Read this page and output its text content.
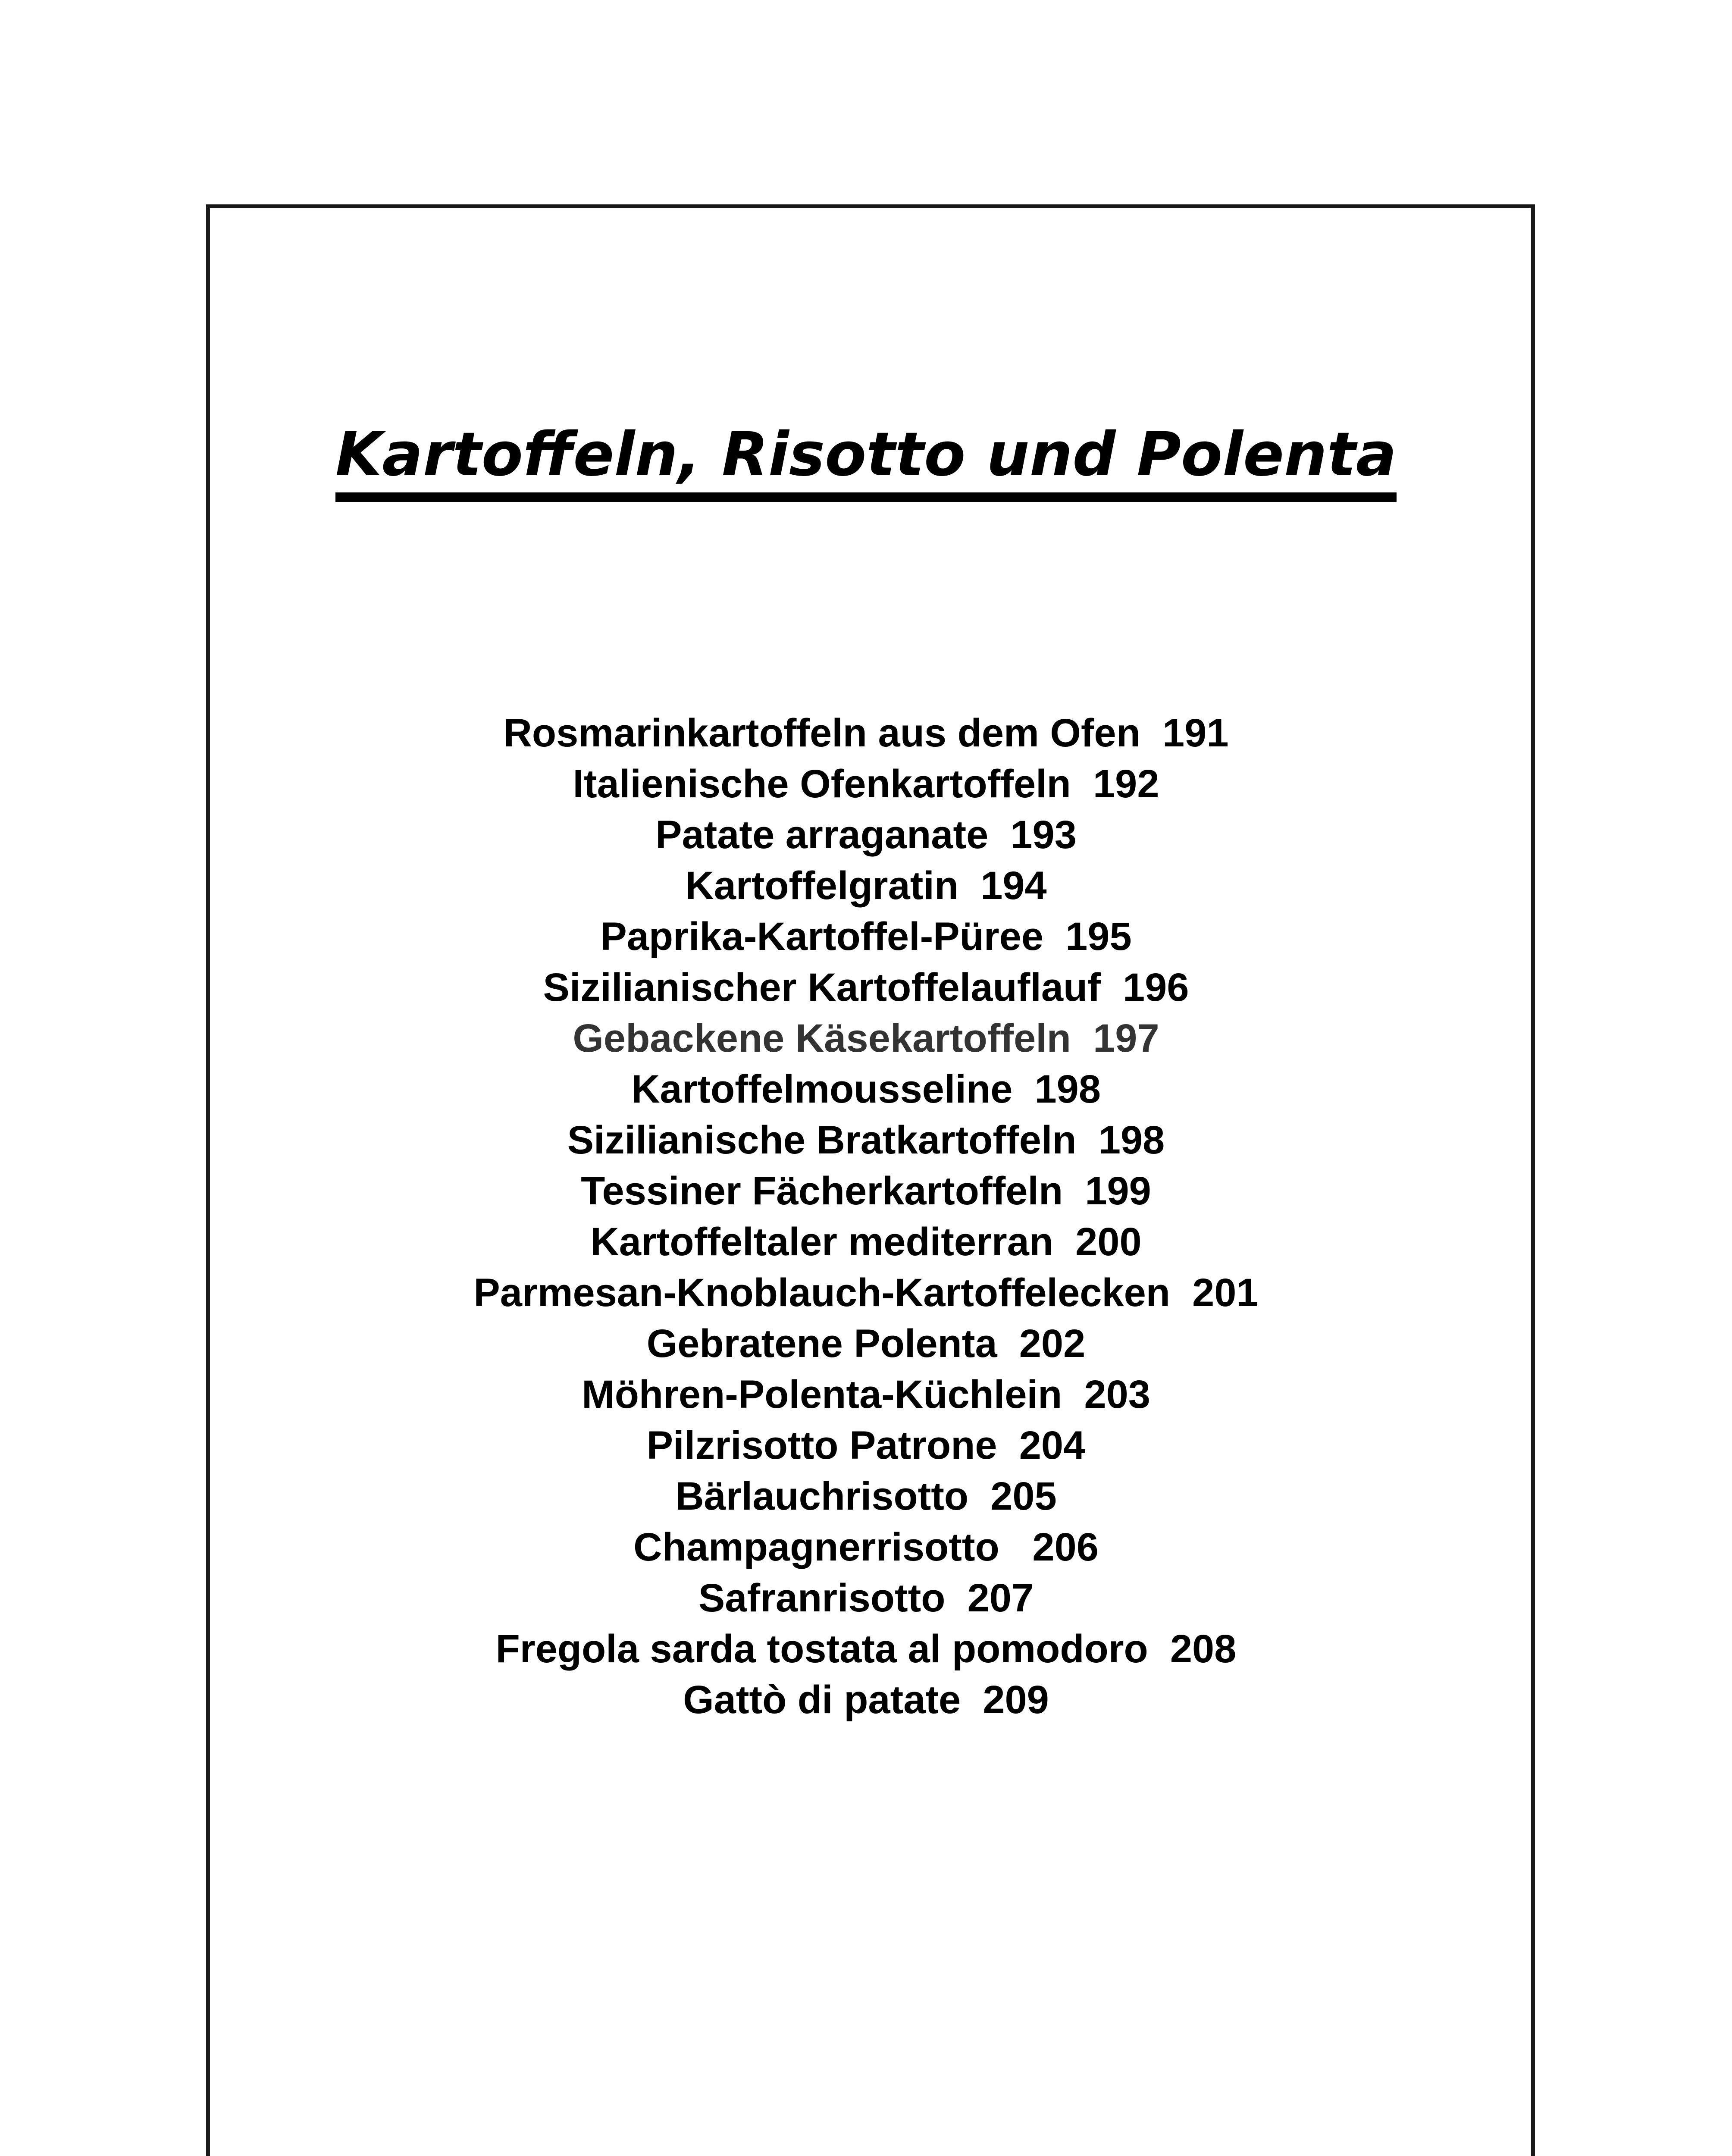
Kartoffeln, Risotto und Polenta
Rosmarinkartoffeln aus dem Ofen 191
Italienische Ofenkartoffeln 192
Patate arraganate 193
Kartoffelgratin 194
Paprika-Kartoffel-Püree 195
Sizilianischer Kartoffelauflauf 196
Gebackene Käsekartoffeln 197
Kartoffelmousseline 198
Sizilianische Bratkartoffeln 198
Tessiner Fächerkartoffeln 199
Kartoffeltaler mediterran 200
Parmesan-Knoblauch-Kartoffelecken 201
Gebratene Polenta 202
Möhren-Polenta-Küchlein 203
Pilzrisotto Patrone 204
Bärlauchrisotto 205
Champagnerrisotto 206
Safranrisotto 207
Fregola sarda tostata al pomodoro 208
Gattò di patate 209
